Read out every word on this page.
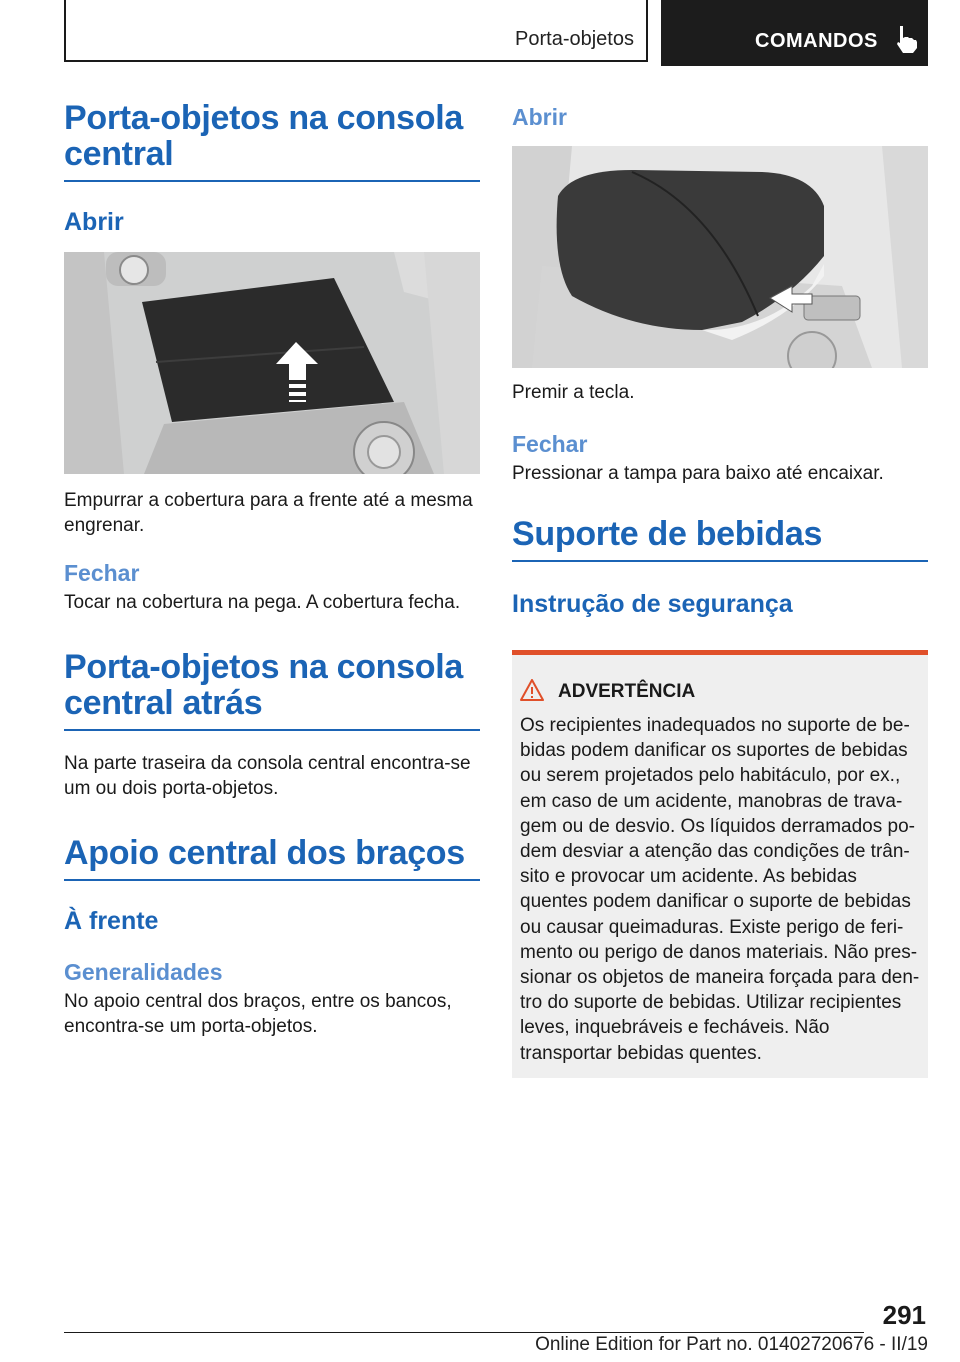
Porta-objetos	COMANDOS
Porta-objetos na consola central
Abrir

Empurrar a cobertura para a frente até a mesma engrenar.

Fechar

Tocar na cobertura na pega. A cobertura fecha.

Porta-objetos na consola central atrás

Na parte traseira da consola central encontra-se um ou dois porta-objetos.

Apoio central dos braços
À frente
Generalidades

No apoio central dos braços, entre os bancos, encontra-se um porta-objetos.

Abrir

Premir a tecla.

Fechar

Pressionar a tampa para baixo até encaixar.

Suporte de bebidas
Instrução de segurança
ADVERTÊNCIA
Os recipientes inadequados no suporte de bebidas podem danificar os suportes de bebidas ou serem projetados pelo habitáculo, por ex., em caso de um acidente, manobras de travagem ou de desvio. Os líquidos derramados podem desviar a atenção das condições de trânsito e provocar um acidente. As bebidas quentes podem danificar o suporte de bebidas ou causar queimaduras. Existe perigo de ferimento ou perigo de danos materiais. Não pressionar os objetos de maneira forçada para dentro do suporte de bebidas. Utilizar recipientes leves, inquebráveis e fecháveis. Não transportar bebidas quentes.
291
Online Edition for Part no. 01402720676 - II/19
